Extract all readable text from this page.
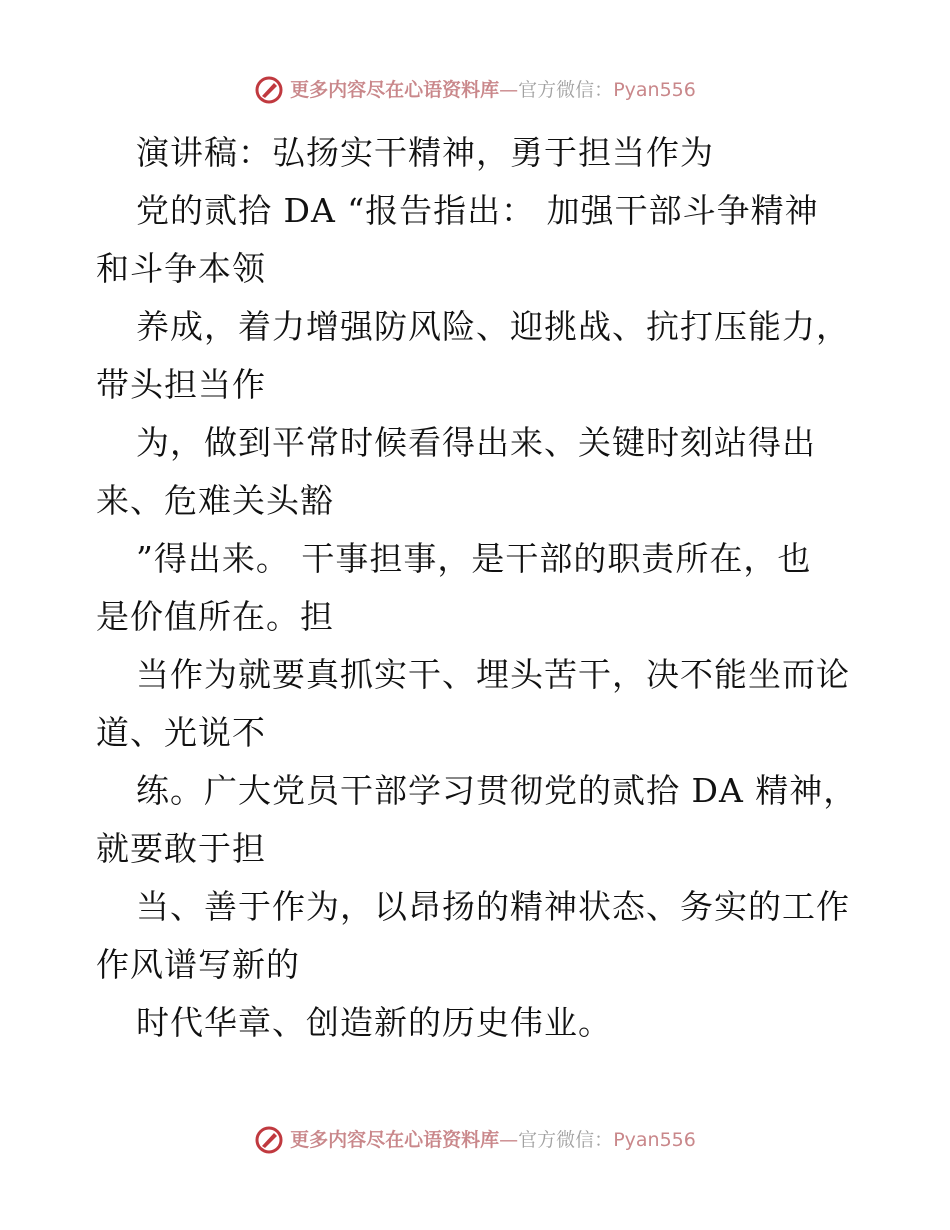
更多内容尽在心语资料库—官方微信：Pyan556
演讲稿：弘扬实干精神，勇于担当作为
党的贰拾 DA “报告指出： 加强干部斗争精神
和斗争本领
养成，着力增强防风险、迎挑战、抗打压能力，
带头担当作
为，做到平常时候看得出来、关键时刻站得出
来、危难关头豁
”得出来。 干事担事，是干部的职责所在，也
是价值所在。担
当作为就要真抓实干、埋头苦干，决不能坐而论
道、光说不
练。广大党员干部学习贯彻党的贰拾 DA 精神，
就要敢于担
当、善于作为，以昂扬的精神状态、务实的工作
作风谱写新的
时代华章、创造新的历史伟业。
更多内容尽在心语资料库—官方微信：Pyan556
